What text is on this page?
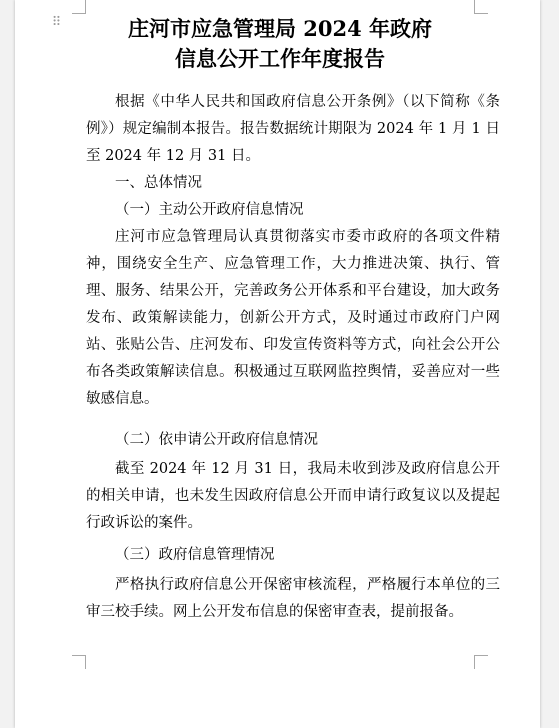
⠿	庄河市应急管理局 2024 年政府
信息公开工作年度报告

根据《中华人民共和国政府信息公开条例》（以下简称《条例》）规定编制本报告。报告数据统计期限为 2024 年 1 月 1 日至 2024 年 12 月 31 日。

一、总体情况

（一）主动公开政府信息情况

庄河市应急管理局认真贯彻落实市委市政府的各项文件精神，围绕安全生产、应急管理工作，大力推进决策、执行、管理、服务、结果公开，完善政务公开体系和平台建设，加大政务发布、政策解读能力，创新公开方式，及时通过市政府门户网站、张贴公告、庄河发布、印发宣传资料等方式，向社会公开公布各类政策解读信息。积极通过互联网监控舆情，妥善应对一些敏感信息。

（二）依申请公开政府信息情况

截至 2024 年 12 月 31 日，我局未收到涉及政府信息公开的相关申请，也未发生因政府信息公开而申请行政复议以及提起行政诉讼的案件。

（三）政府信息管理情况

严格执行政府信息公开保密审核流程，严格履行本单位的三审三校手续。网上公开发布信息的保密审查表，提前报备。
